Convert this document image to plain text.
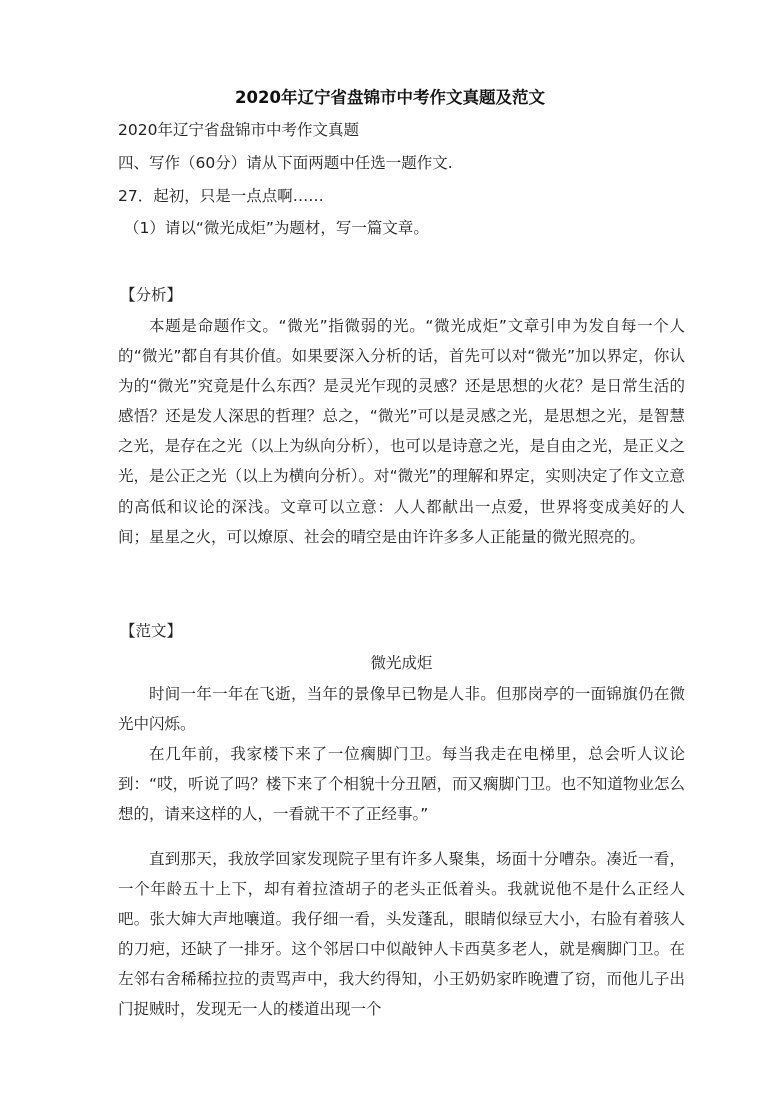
2020年辽宁省盘锦市中考作文真题及范文
2020年辽宁省盘锦市中考作文真题
四、写作（60分）请从下面两题中任选一题作文.
27．起初，只是一点点啊……
（1）请以“微光成炬”为题材，写一篇文章。
【分析】

本题是命题作文。“微光”指微弱的光。“微光成炬”文章引申为发自每一个人的“微光”都自有其价值。如果要深入分析的话，首先可以对“微光”加以界定，你认为的“微光”究竟是什么东西？是灵光乍现的灵感？还是思想的火花？是日常生活的感悟？还是发人深思的哲理？总之，“微光”可以是灵感之光，是思想之光，是智慧之光，是存在之光（以上为纵向分析），也可以是诗意之光，是自由之光，是正义之光，是公正之光（以上为横向分析）。对“微光”的理解和界定，实则决定了作文立意的高低和议论的深浅。文章可以立意：人人都献出一点爱，世界将变成美好的人间；星星之火，可以燎原、社会的晴空是由许许多多人正能量的微光照亮的。

【范文】
微光成炬

时间一年一年在飞逝，当年的景像早已物是人非。但那岗亭的一面锦旗仍在微光中闪烁。

在几年前，我家楼下来了一位瘸脚门卫。每当我走在电梯里，总会听人议论到：“哎，听说了吗？楼下来了个相貌十分丑陋，而又瘸脚门卫。也不知道物业怎么想的，请来这样的人，一看就干不了正经事。”

直到那天，我放学回家发现院子里有许多人聚集，场面十分嘈杂。凑近一看，一个年龄五十上下，却有着拉渣胡子的老头正低着头。我就说他不是什么正经人吧。张大婶大声地嚷道。我仔细一看，头发蓬乱，眼睛似绿豆大小，右脸有着骇人的刀疤，还缺了一排牙。这个邻居口中似敲钟人卡西莫多老人，就是瘸脚门卫。在左邻右舍稀稀拉拉的责骂声中，我大约得知，小王奶奶家昨晚遭了窃，而他儿子出门捉贼时，发现无一人的楼道出现一个
